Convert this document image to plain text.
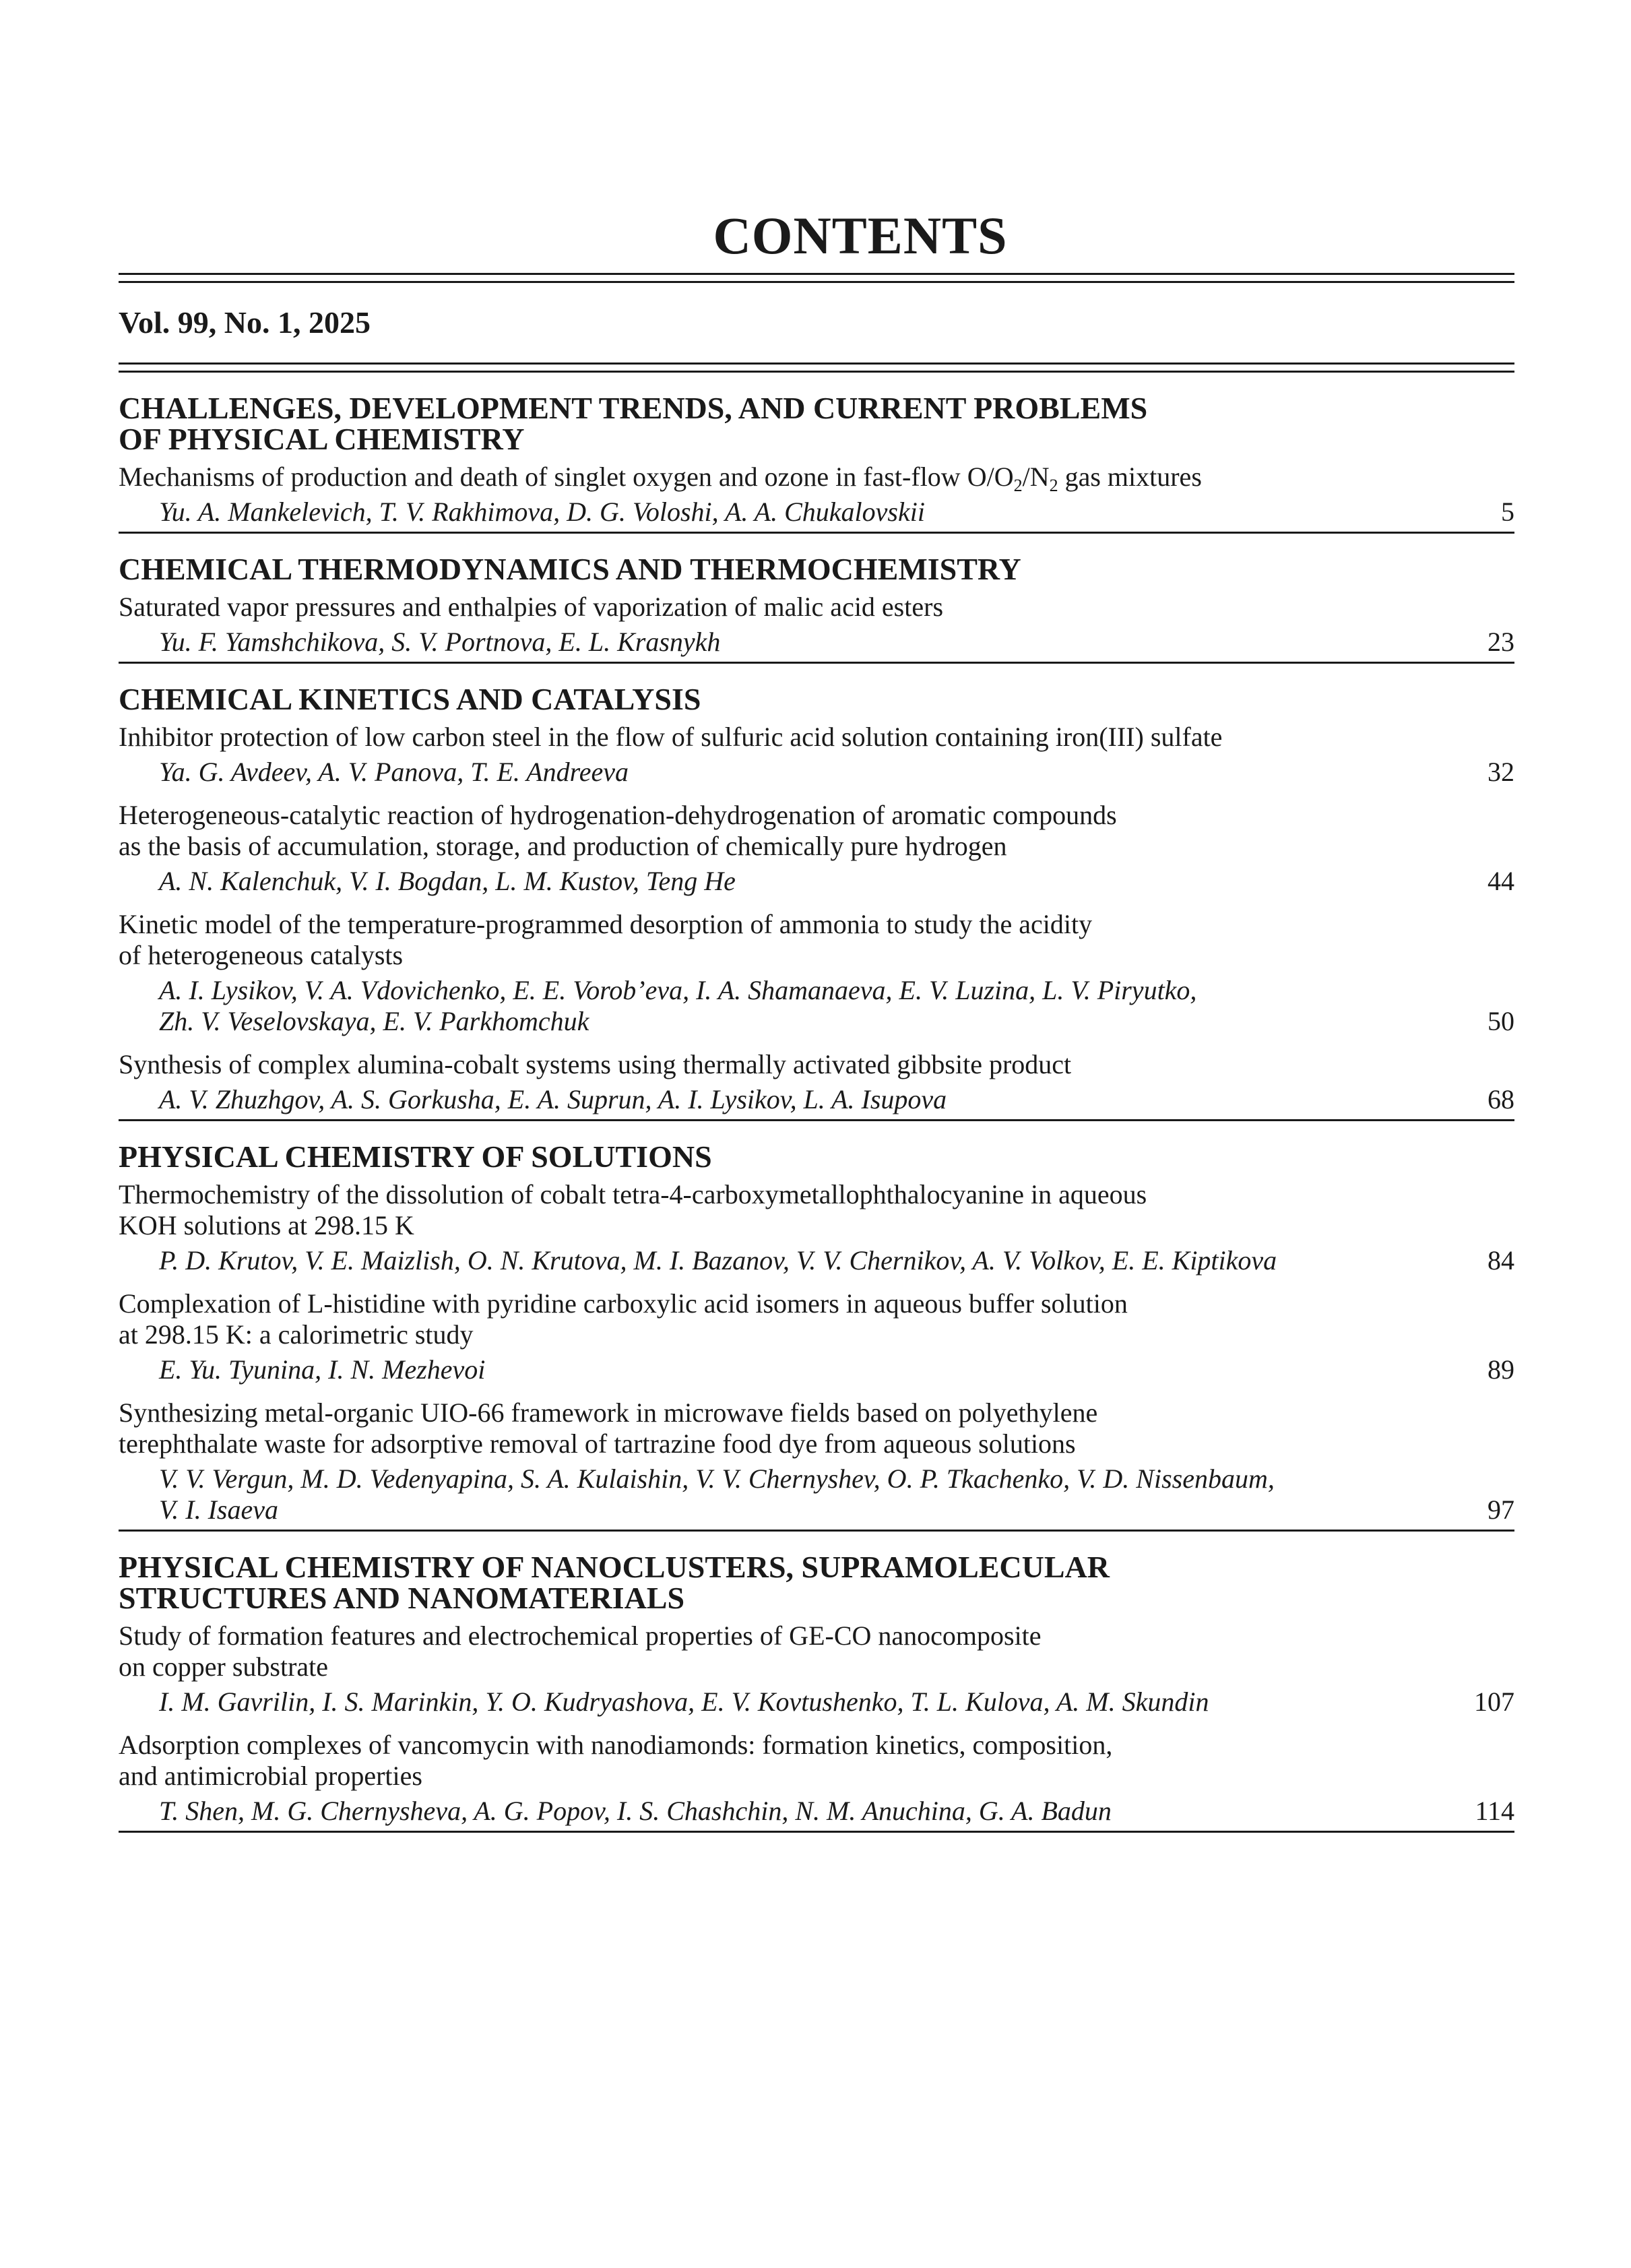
CONTENTS
Vol. 99, No. 1, 2025
CHALLENGES, DEVELOPMENT TRENDS, AND CURRENT PROBLEMS
OF PHYSICAL CHEMISTRY
Mechanisms of production and death of singlet oxygen and ozone in fast-flow $O/O_2/N_2$ gas mixtures
Yu. A. Mankelevich, T. V. Rakhimova, D. G. Voloshi, A. A. Chukalovskii	5
CHEMICAL THERMODYNAMICS AND THERMOCHEMISTRY
Saturated vapor pressures and enthalpies of vaporization of malic acid esters
Yu. F. Yamshchikova, S. V. Portnova, E. L. Krasnykh	23
CHEMICAL KINETICS AND CATALYSIS
Inhibitor protection of low carbon steel in the flow of sulfuric acid solution containing iron(III) sulfate
Ya. G. Avdeev, A. V. Panova, T. E. Andreeva	32
Heterogeneous-catalytic reaction of hydrogenation-dehydrogenation of aromatic compounds
as the basis of accumulation, storage, and production of chemically pure hydrogen
A. N. Kalenchuk, V. I. Bogdan, L. M. Kustov, Teng He	44
Kinetic model of the temperature-programmed desorption of ammonia to study the acidity
of heterogeneous catalysts
A. I. Lysikov, V. A. Vdovichenko, E. E. Vorob’eva, I. A. Shamanaeva, E. V. Luzina, L. V. Piryutko,
Zh. V. Veselovskaya, E. V. Parkhomchuk	50
Synthesis of complex alumina-cobalt systems using thermally activated gibbsite product
A. V. Zhuzhgov, A. S. Gorkusha, E. A. Suprun, A. I. Lysikov, L. A. Isupova	68
PHYSICAL CHEMISTRY OF SOLUTIONS
Thermochemistry of the dissolution of cobalt tetra-4-carboxymetallophthalocyanine in aqueous
KOH solutions at 298.15 K
P. D. Krutov, V. E. Maizlish, O. N. Krutova, M. I. Bazanov, V. V. Chernikov, A. V. Volkov, E. E. Kiptikova	84
Complexation of L-histidine with pyridine carboxylic acid isomers in aqueous buffer solution
at 298.15 K: a calorimetric study
E. Yu. Tyunina, I. N. Mezhevoi	89
Synthesizing metal-organic UIO-66 framework in microwave fields based on polyethylene
terephthalate waste for adsorptive removal of tartrazine food dye from aqueous solutions
V. V. Vergun, M. D. Vedenyapina, S. A. Kulaishin, V. V. Chernyshev, O. P. Tkachenko, V. D. Nissenbaum,
V. I. Isaeva	97
PHYSICAL CHEMISTRY OF NANOCLUSTERS, SUPRAMOLECULAR
STRUCTURES AND NANOMATERIALS
Study of formation features and electrochemical properties of GE-CO nanocomposite
on copper substrate
I. M. Gavrilin, I. S. Marinkin, Y. O. Kudryashova, E. V. Kovtushenko, T. L. Kulova, A. M. Skundin	107
Adsorption complexes of vancomycin with nanodiamonds: formation kinetics, composition,
and antimicrobial properties
T. Shen, M. G. Chernysheva, A. G. Popov, I. S. Chashchin, N. M. Anuchina, G. A. Badun	114
